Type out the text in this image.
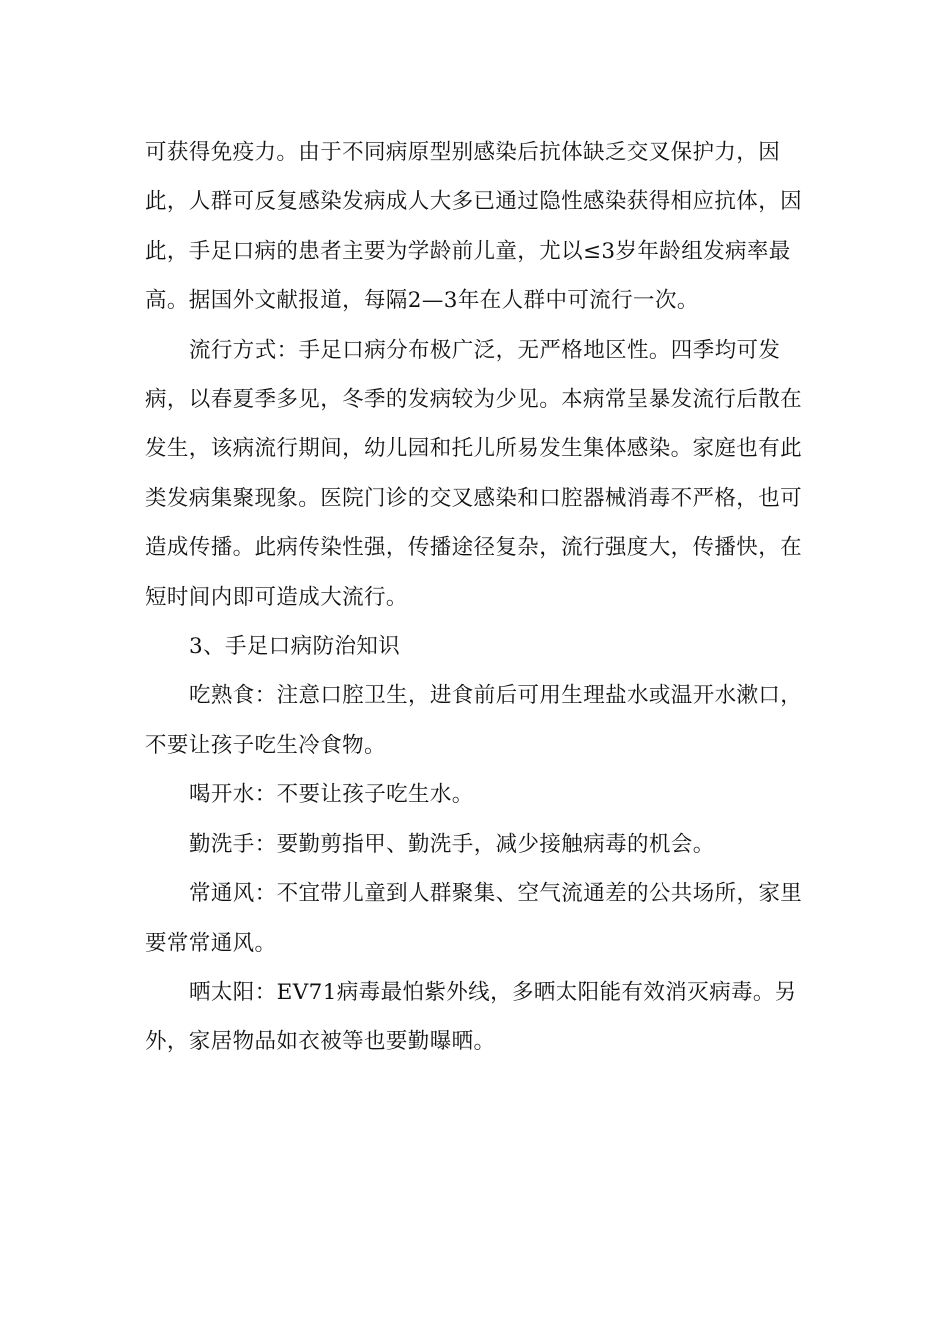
可获得免疫力。由于不同病原型别感染后抗体缺乏交叉保护力，因此，人群可反复感染发病成人大多已通过隐性感染获得相应抗体，因此，手足口病的患者主要为学龄前儿童，尤以≤3岁年龄组发病率最高。据国外文献报道，每隔2—3年在人群中可流行一次。

流行方式：手足口病分布极广泛，无严格地区性。四季均可发病，以春夏季多见，冬季的发病较为少见。本病常呈暴发流行后散在发生，该病流行期间，幼儿园和托儿所易发生集体感染。家庭也有此类发病集聚现象。医院门诊的交叉感染和口腔器械消毒不严格，也可造成传播。此病传染性强，传播途径复杂，流行强度大，传播快，在短时间内即可造成大流行。

3、手足口病防治知识

吃熟食：注意口腔卫生，进食前后可用生理盐水或温开水漱口，不要让孩子吃生冷食物。

喝开水：不要让孩子吃生水。

勤洗手：要勤剪指甲、勤洗手，减少接触病毒的机会。

常通风：不宜带儿童到人群聚集、空气流通差的公共场所，家里要常常通风。

晒太阳：EV71病毒最怕紫外线，多晒太阳能有效消灭病毒。另外，家居物品如衣被等也要勤曝晒。
